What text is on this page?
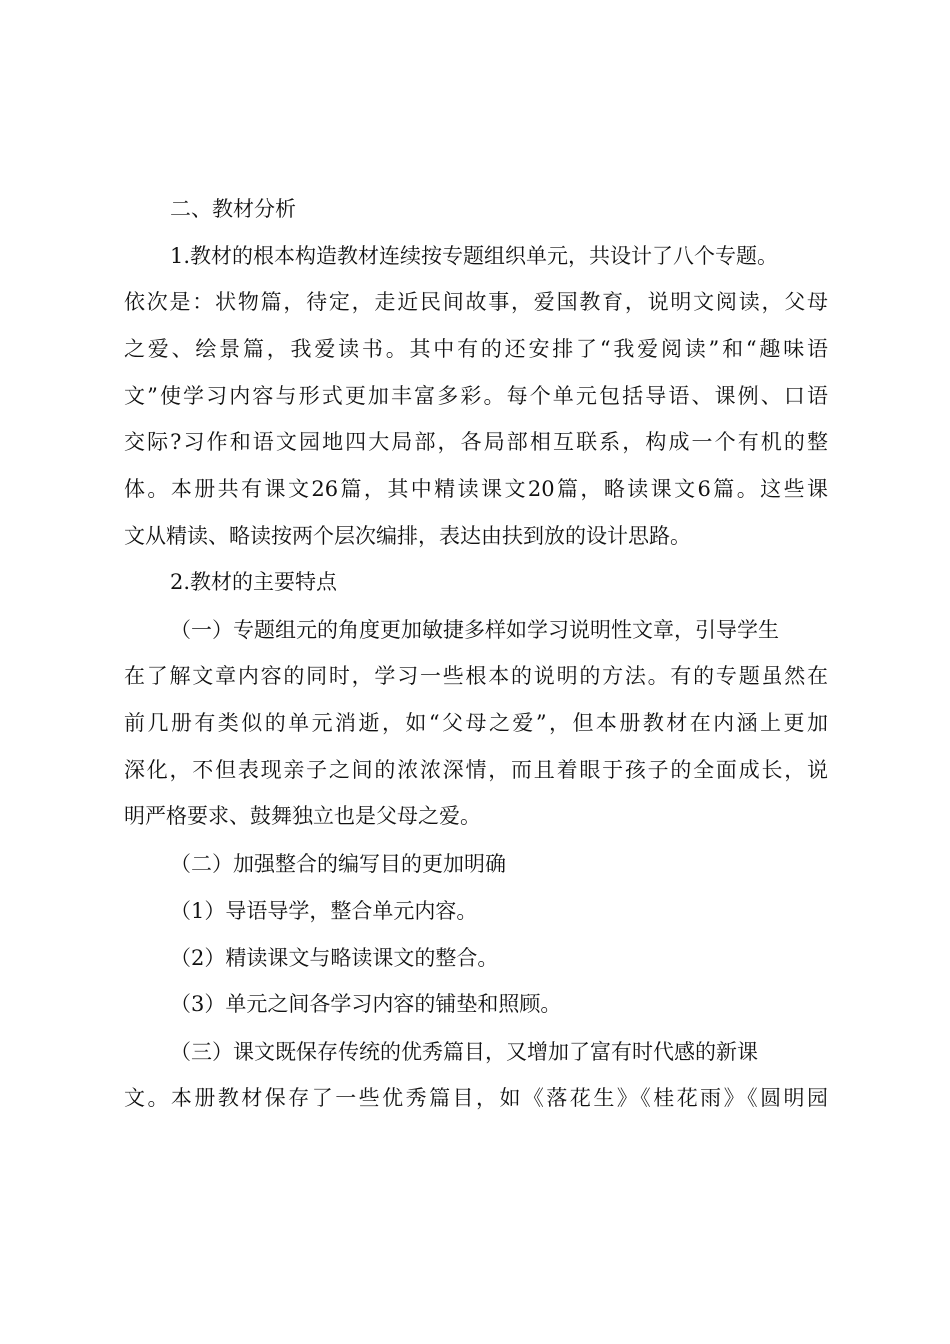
二、教材分析
1.教材的根本构造教材连续按专题组织单元，共设计了八个专题。
依次是：状物篇，待定，走近民间故事，爱国教育，说明文阅读，父母
之爱、绘景篇，我爱读书。其中有的还安排了“我爱阅读”和“趣味语
文”使学习内容与形式更加丰富多彩。每个单元包括导语、课例、口语
交际?习作和语文园地四大局部，各局部相互联系，构成一个有机的整
体。本册共有课文26篇，其中精读课文20篇，略读课文6篇。这些课
文从精读、略读按两个层次编排，表达由扶到放的设计思路。
2.教材的主要特点
（一）专题组元的角度更加敏捷多样如学习说明性文章，引导学生
在了解文章内容的同时，学习一些根本的说明的方法。有的专题虽然在
前几册有类似的单元消逝，如“父母之爱”，但本册教材在内涵上更加
深化，不但表现亲子之间的浓浓深情，而且着眼于孩子的全面成长，说
明严格要求、鼓舞独立也是父母之爱。
（二）加强整合的编写目的更加明确
（1）导语导学，整合单元内容。
（2）精读课文与略读课文的整合。
（3）单元之间各学习内容的铺垫和照顾。
（三）课文既保存传统的优秀篇目，又增加了富有时代感的新课
文。本册教材保存了一些优秀篇目，如《落花生》《桂花雨》《圆明园
